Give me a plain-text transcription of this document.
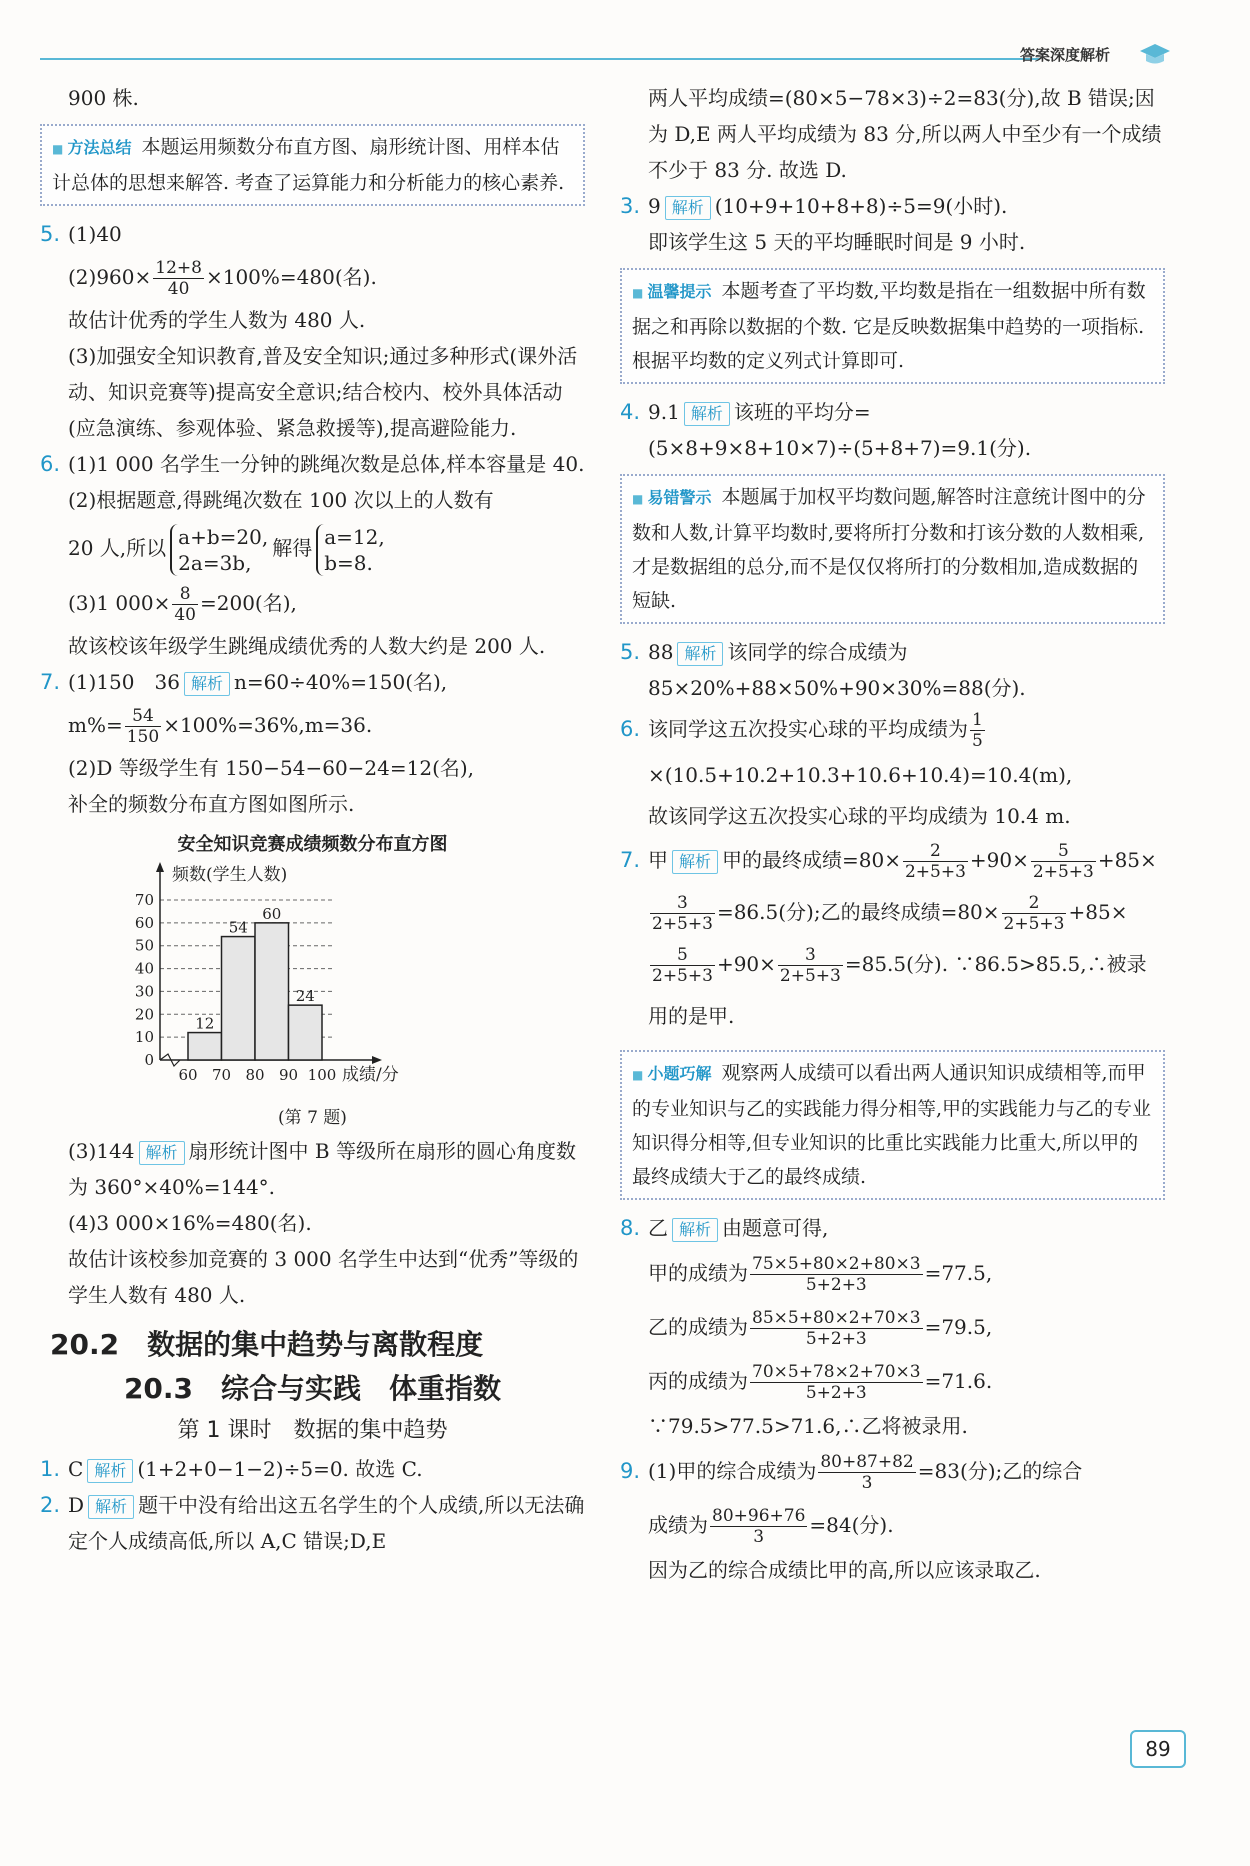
答案深度解析

900 株.

■ 方法总结 本题运用频数分布直方图、扇形统计图、用样本估计总体的思想来解答. 考查了运算能力和分析能力的核心素养.

5. (1)40

$(2)960\times \frac{12+8}{40} \times 100\%=480$(名).

故估计优秀的学生人数为 480 人.

(3)加强安全知识教育,普及安全知识;通过多种形式(课外活动、知识竞赛等)提高安全意识;结合校内、校外具体活动(应急演练、参观体验、紧急救援等),提高避险能力.

6. (1)1 000 名学生一分钟的跳绳次数是总体,样本容量是 40.

(2)根据题意,得跳绳次数在 100 次以上的人数有

20 人,所以 a+b=20,
2a=3b,解得 a=12,
b=8.

(3)1 $000\times \frac{8}{40} =200$(名),

故该校该年级学生跳绳成绩优秀的人数大约是 200 人.

7. (1)150　36 解析 n=60÷40%=150(名),

$m\%= \frac{54}{150} \times 100\%=36\%,m=36$.

(2)D 等级学生有 150−54−60−24=12(名),

补全的频数分布直方图如图所示.

安全知识竞赛成绩频数分布直方图

0
10
20
30
40
50
60
70
频数(学生人数)
成绩/分
60 70 80 90 100
12
54
60
24

(第 7 题)

(3)144 解析 扇形统计图中 B 等级所在扇形的圆心角度数为 360°×40%=144°.

(4)3 000×16%=480(名).

故估计该校参加竞赛的 3 000 名学生中达到“优秀”等级的学生人数有 480 人.

20.2　数据的集中趋势与离散程度

20.3　综合与实践　体重指数

第 1 课时　数据的集中趋势

1. C 解析 (1+2+0−1−2)÷5=0. 故选 C.

2. D 解析 题干中没有给出这五名学生的个人成绩,所以无法确定个人成绩高低,所以 A,C 错误;D,E

两人平均成绩=(80×5−78×3)÷2=83(分),故 B 错误;因为 D,E 两人平均成绩为 83 分,所以两人中至少有一个成绩不少于 83 分. 故选 D.

3. 9 解析 (10+9+10+8+8)÷5=9(小时).

即该学生这 5 天的平均睡眠时间是 9 小时.

■ 温馨提示 本题考查了平均数,平均数是指在一组数据中所有数据之和再除以数据的个数. 它是反映数据集中趋势的一项指标. 根据平均数的定义列式计算即可.

4. 9.1 解析 该班的平均分=(5×8+9×8+10×7)÷(5+8+7)=9.1(分).

■ 易错警示 本题属于加权平均数问题,解答时注意统计图中的分数和人数,计算平均数时,要将所打分数和打该分数的人数相乘,才是数据组的总分,而不是仅仅将所打的分数相加,造成数据的短缺.

5. 88 解析 该同学的综合成绩为 85×20%+88×50%+90×30%=88(分).

6. 该同学这五次投实心球的平均成绩为 $\frac{1}{5}$
×(10.5+10.2+10.3+10.6+10.4)=10.4(m),

故该同学这五次投实心球的平均成绩为 10.4 m.

7. 甲 解析 甲的最终成绩$=80\times \frac{2}{2+5+3} +90\times \frac{5}{2+5+3} +85\times$
$\frac{3}{2+5+3} =86.5$(分);乙的最终成绩$=80\times \frac{2}{2+5+3} +85\times$
$\frac{5}{2+5+3} +90\times \frac{3}{2+5+3} =85.5$(分). ∵86.5>85.5,∴被录用的是甲.

■ 小题巧解 观察两人成绩可以看出两人通识知识成绩相等,而甲的专业知识与乙的实践能力得分相等,甲的实践能力与乙的专业知识得分相等,但专业知识的比重比实践能力比重大,所以甲的最终成绩大于乙的最终成绩.

8. 乙 解析 由题意可得,

甲的成绩为 $\frac{75\times 5+80\times 2+80\times 3}{5+2+3} =77.5$,

乙的成绩为 $\frac{85\times 5+80\times 2+70\times 3}{5+2+3} =79.5$,

丙的成绩为 $\frac{70\times 5+78\times 2+70\times 3}{5+2+3} =71.6$.

∵79.5>77.5>71.6,∴乙将被录用.

9. (1)甲的综合成绩为 $\frac{80+87+82}{3} =83$(分);乙的综合

成绩为 $\frac{80+96+76}{3} =84$(分).

因为乙的综合成绩比甲的高,所以应该录取乙.

89
